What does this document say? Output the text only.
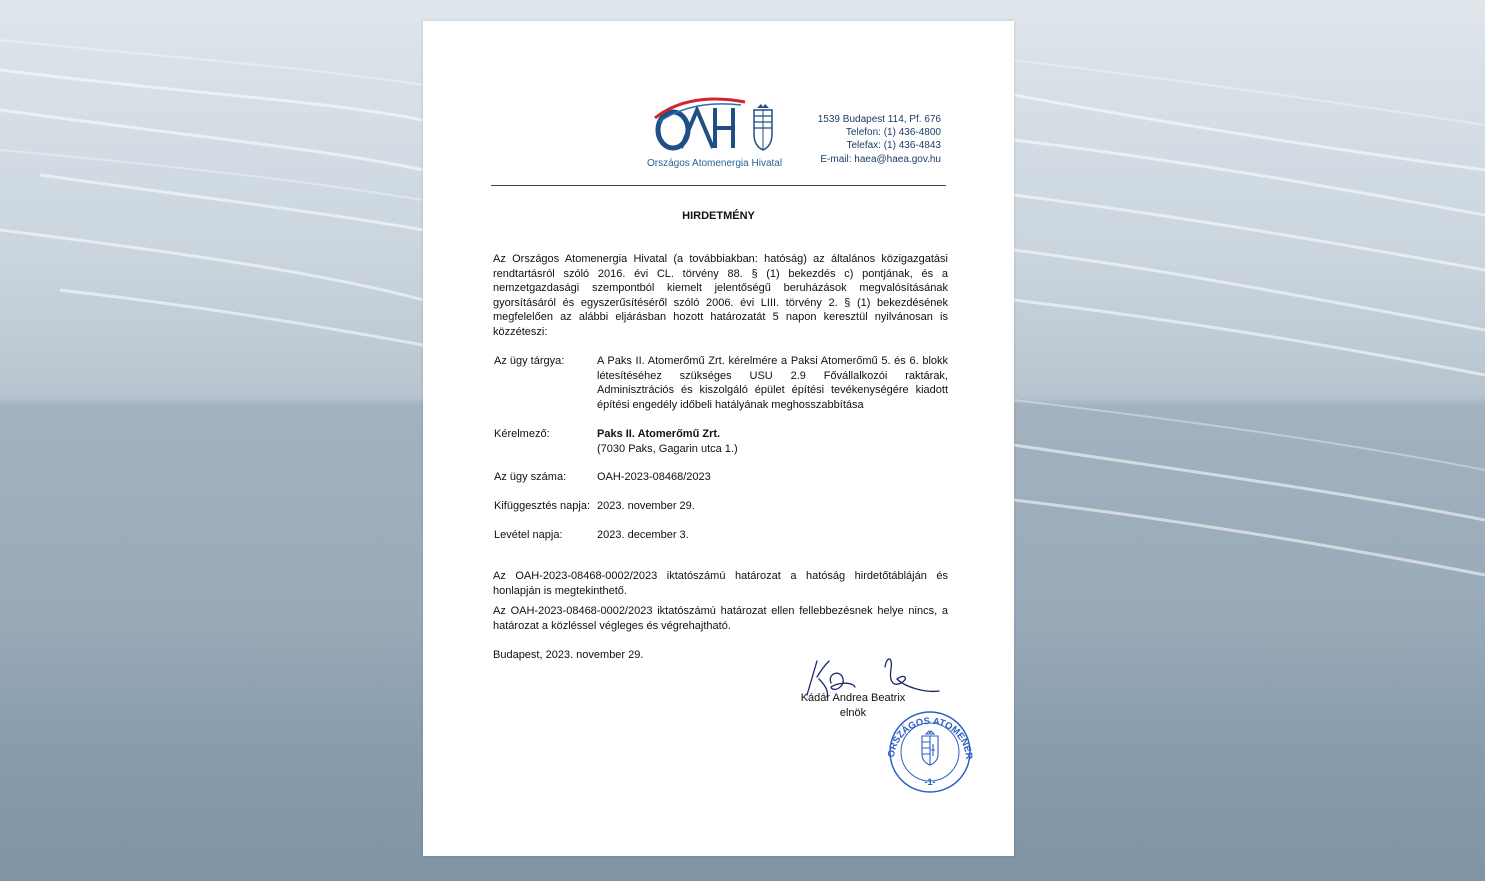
Országos Atomenergia Hivatal
1539 Budapest 114, Pf. 676
Telefon: (1) 436-4800
Telefax: (1) 436-4843
E-mail: haea@haea.gov.hu
HIRDETMÉNY
Az Országos Atomenergia Hivatal (a továbbiakban: hatóság) az általános közigazgatási rendtartásról szóló 2016. évi CL. törvény 88. § (1) bekezdés c) pontjának, és a nemzetgazdasági szempontból kiemelt jelentőségű beruházások megvalósításának gyorsításáról és egyszerűsítéséről szóló 2006. évi LIII. törvény 2. § (1) bekezdésének megfelelően az alábbi eljárásban hozott határozatát 5 napon keresztül nyilvánosan is közzéteszi:
Az ügy tárgya:	A Paks II. Atomerőmű Zrt. kérelmére a Paksi Atomerőmű 5. és 6. blokk létesítéséhez szükséges USU 2.9 Fővállalkozói raktárak, Adminisztrációs és kiszolgáló épület építési tevékenységére kiadott építési engedély időbeli hatályának meghosszabbítása
Kérelmező:	Paks II. Atomerőmű Zrt.
(7030 Paks, Gagarin utca 1.)
Az ügy száma:	OAH-2023-08468/2023
Kifüggesztés napja: 2023. november 29.
Levétel napja:	2023. december 3.
Az OAH-2023-08468-0002/2023 iktatószámú határozat a hatóság hirdetőtábláján és honlapján is megtekinthető.
Az OAH-2023-08468-0002/2023 iktatószámú határozat ellen fellebbezésnek helye nincs, a határozat a közléssel végleges és végrehajtható.
Budapest, 2023. november 29.
Kádár Andrea Beatrix
elnök
ORSZÁGOS ATOMENER
-1-
